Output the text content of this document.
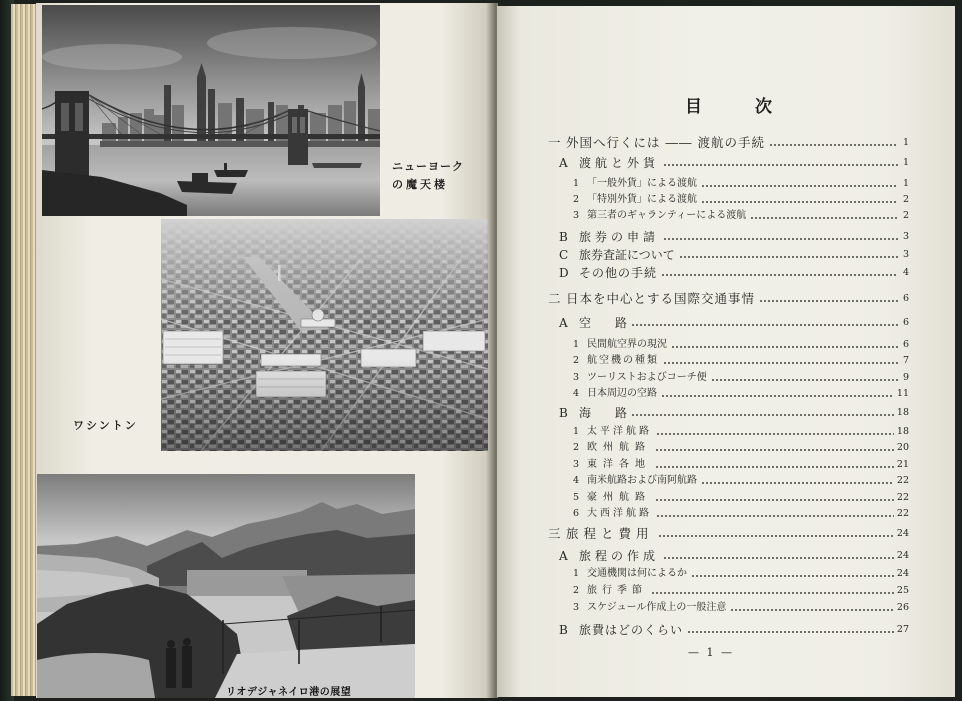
ニューヨーク
の魔天楼
ワシントン
リオデジャネイロ港の展望
目	次
一 外国へ行くには ―― 渡航の手続	1
A 渡航と外貨	1
1 「一般外貨」による渡航	1
2 「特別外貨」による渡航	2
3 第三者のギャランティーによる渡航	2
B 旅券の申請	3
C 旅券査証について	3
D その他の手続	4
二 日本を中心とする国際交通事情	6
A 空　　路	6
1 民間航空界の現況	6
2 航空機の種類	7
3 ツーリストおよびコーチ便	9
4 日本周辺の空路	11
B 海　　路	18
1 太平洋航路	18
2 欧州航路	20
3 東洋各地	21
4 南米航路および南阿航路	22
5 豪州航路	22
6 大西洋航路	22
三 旅程と費用	24
A 旅程の作成	24
1 交通機関は何によるか	24
2 旅行季節	25
3 スケジュール作成上の一般注意	26
B 旅費はどのくらい	27
— 1 —
